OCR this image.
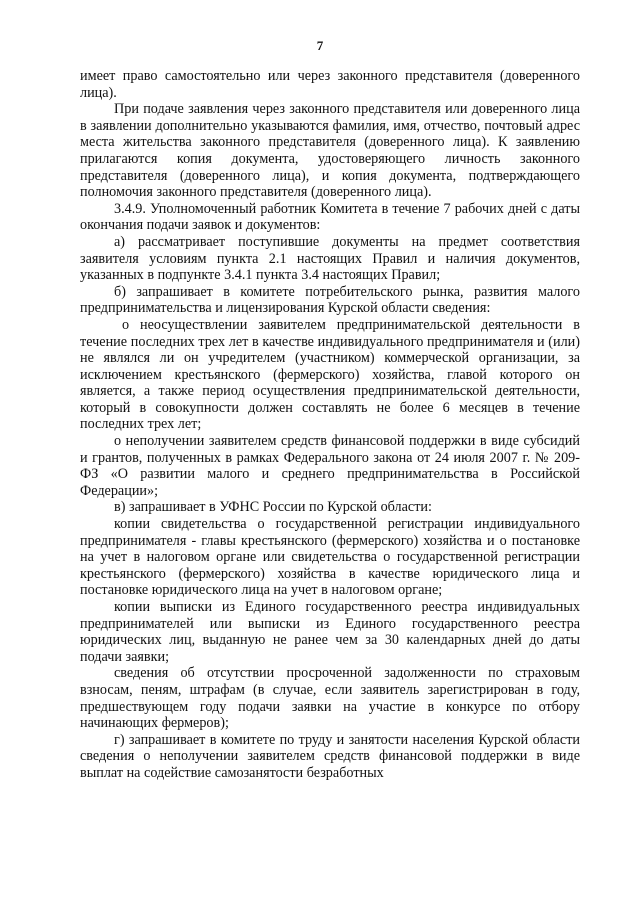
7

имеет право самостоятельно или через законного представителя (доверенного лица).

При подаче заявления через законного представителя или доверенного лица в заявлении дополнительно указываются фамилия, имя, отчество, почтовый адрес места жительства законного представителя (доверенного лица). К заявлению прилагаются копия документа, удостоверяющего личность законного представителя (доверенного лица), и копия документа, подтверждающего полномочия законного представителя (доверенного лица).

3.4.9. Уполномоченный работник Комитета в течение 7 рабочих дней с даты окончания подачи заявок и документов:

а) рассматривает поступившие документы на предмет соответствия заявителя условиям пункта 2.1 настоящих Правил и наличия документов, указанных в подпункте 3.4.1 пункта 3.4 настоящих Правил;

б) запрашивает в комитете потребительского рынка, развития малого предпринимательства и лицензирования Курской области сведения:

о неосуществлении заявителем предпринимательской деятельности в течение последних трех лет в качестве индивидуального предпринимателя и (или) не являлся ли он учредителем (участником) коммерческой организации, за исключением крестьянского (фермерского) хозяйства, главой которого он является, а также период осуществления предпринимательской деятельности, который в совокупности должен составлять не более 6 месяцев в течение последних трех лет;

о неполучении заявителем средств финансовой поддержки в виде субсидий и грантов, полученных в рамках Федерального закона от 24 июля 2007 г. № 209-ФЗ «О развитии малого и среднего предпринимательства в Российской Федерации»;

в) запрашивает в УФНС России по Курской области:

копии свидетельства о государственной регистрации индивидуального предпринимателя - главы крестьянского (фермерского) хозяйства и о постановке на учет в налоговом органе или свидетельства о государственной регистрации крестьянского (фермерского) хозяйства в качестве юридического лица и постановке юридического лица на учет в налоговом органе;

копии выписки из Единого государственного реестра индивидуальных предпринимателей или выписки из Единого государственного реестра юридических лиц, выданную не ранее чем за 30 календарных дней до даты подачи заявки;

сведения об отсутствии просроченной задолженности по страховым взносам, пеням, штрафам (в случае, если заявитель зарегистрирован в году, предшествующем году подачи заявки на участие в конкурсе по отбору начинающих фермеров);

г) запрашивает в комитете по труду и занятости населения Курской области сведения о неполучении заявителем средств финансовой поддержки в виде выплат на содействие самозанятости безработных
